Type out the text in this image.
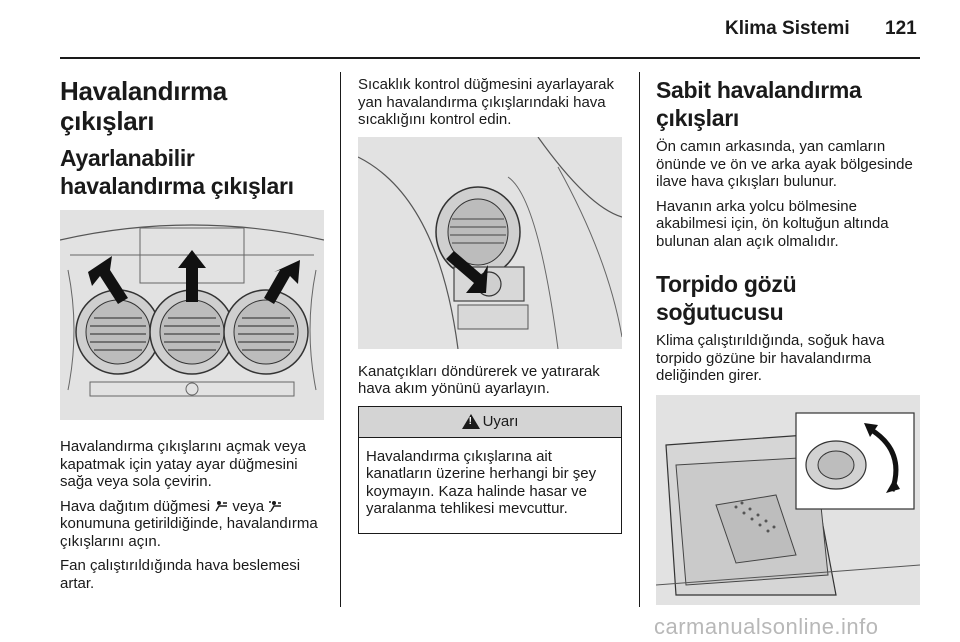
Klima Sistemi 121
Havalandırma çıkışları
Ayarlanabilir havalandırma çıkışları
Havalandırma çıkışlarını açmak veya kapatmak için yatay ayar düğmesini sağa veya sola çevirin.
Hava dağıtım düğmesi veya  konumuna getirildiğinde, havalandırma çıkışlarını açın.
Fan çalıştırıldığında hava beslemesi artar.
Sıcaklık kontrol düğmesini ayarlayarak yan havalandırma çıkışlarındaki hava sıcaklığını kontrol edin.
Kanatçıkları döndürerek ve yatırarak hava akım yönünü ayarlayın.
!
Uyarı
Havalandırma çıkışlarına ait kanatların üzerine herhangi bir şey koymayın. Kaza halinde hasar ve yaralanma tehlikesi mevcuttur.
Sabit havalandırma çıkışları
Ön camın arkasında, yan camların önünde ve ön ve arka ayak bölgesinde ilave hava çıkışları bulunur.
Havanın arka yolcu bölmesine akabilmesi için, ön koltuğun altında bulunan alan açık olmalıdır.
Torpido gözü soğutucusu
Klima çalıştırıldığında, soğuk hava torpido gözüne bir havalandırma deliğinden girer.
carmanualsonline.info
